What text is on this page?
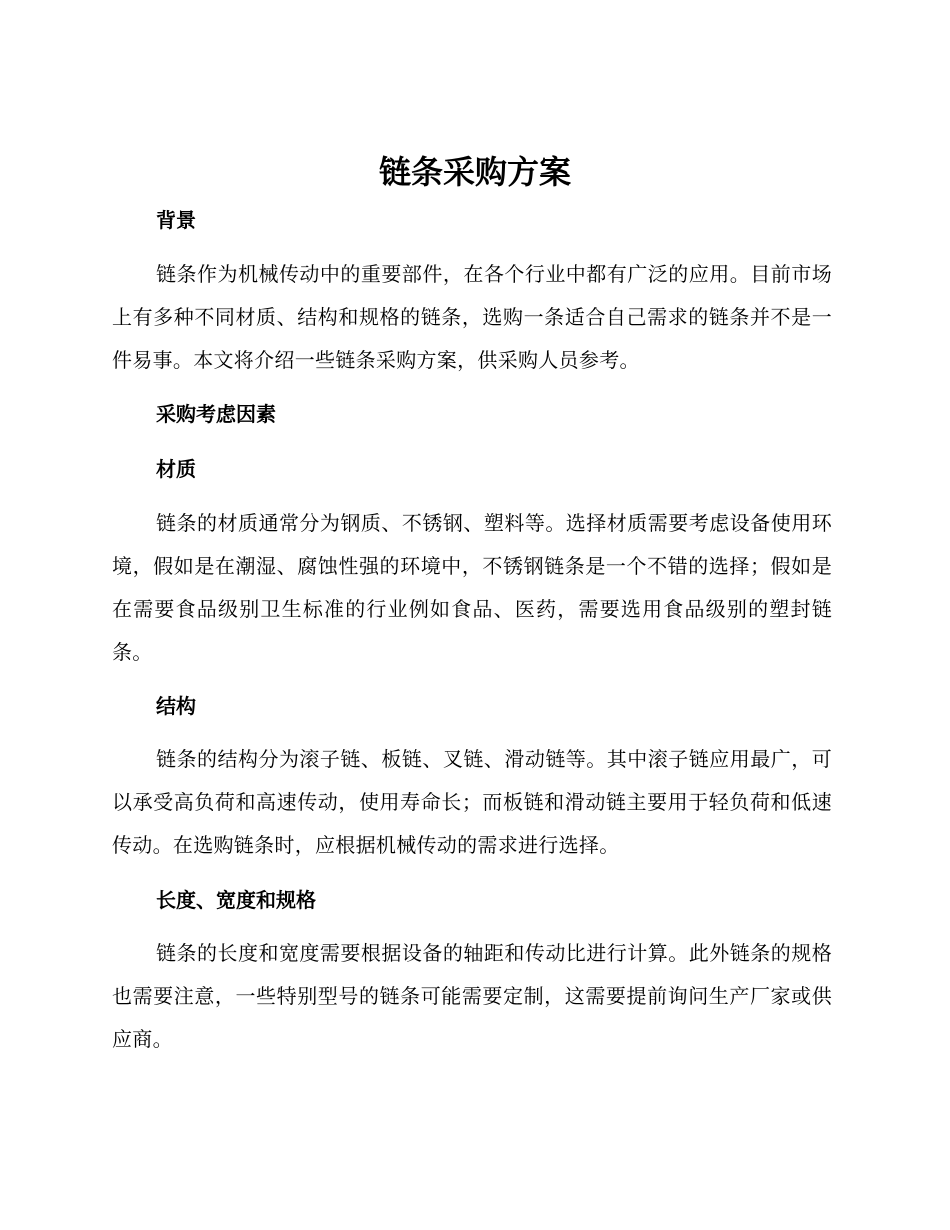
链条采购方案
背景

链条作为机械传动中的重要部件，在各个行业中都有广泛的应用。目前市场上有多种不同材质、结构和规格的链条，选购一条适合自己需求的链条并不是一件易事。本文将介绍一些链条采购方案，供采购人员参考。

采购考虑因素
材质

链条的材质通常分为钢质、不锈钢、塑料等。选择材质需要考虑设备使用环境，假如是在潮湿、腐蚀性强的环境中，不锈钢链条是一个不错的选择；假如是在需要食品级别卫生标准的行业例如食品、医药，需要选用食品级别的塑封链条。

结构

链条的结构分为滚子链、板链、叉链、滑动链等。其中滚子链应用最广，可以承受高负荷和高速传动，使用寿命长；而板链和滑动链主要用于轻负荷和低速传动。在选购链条时，应根据机械传动的需求进行选择。

长度、宽度和规格

链条的长度和宽度需要根据设备的轴距和传动比进行计算。此外链条的规格也需要注意，一些特别型号的链条可能需要定制，这需要提前询问生产厂家或供应商。
